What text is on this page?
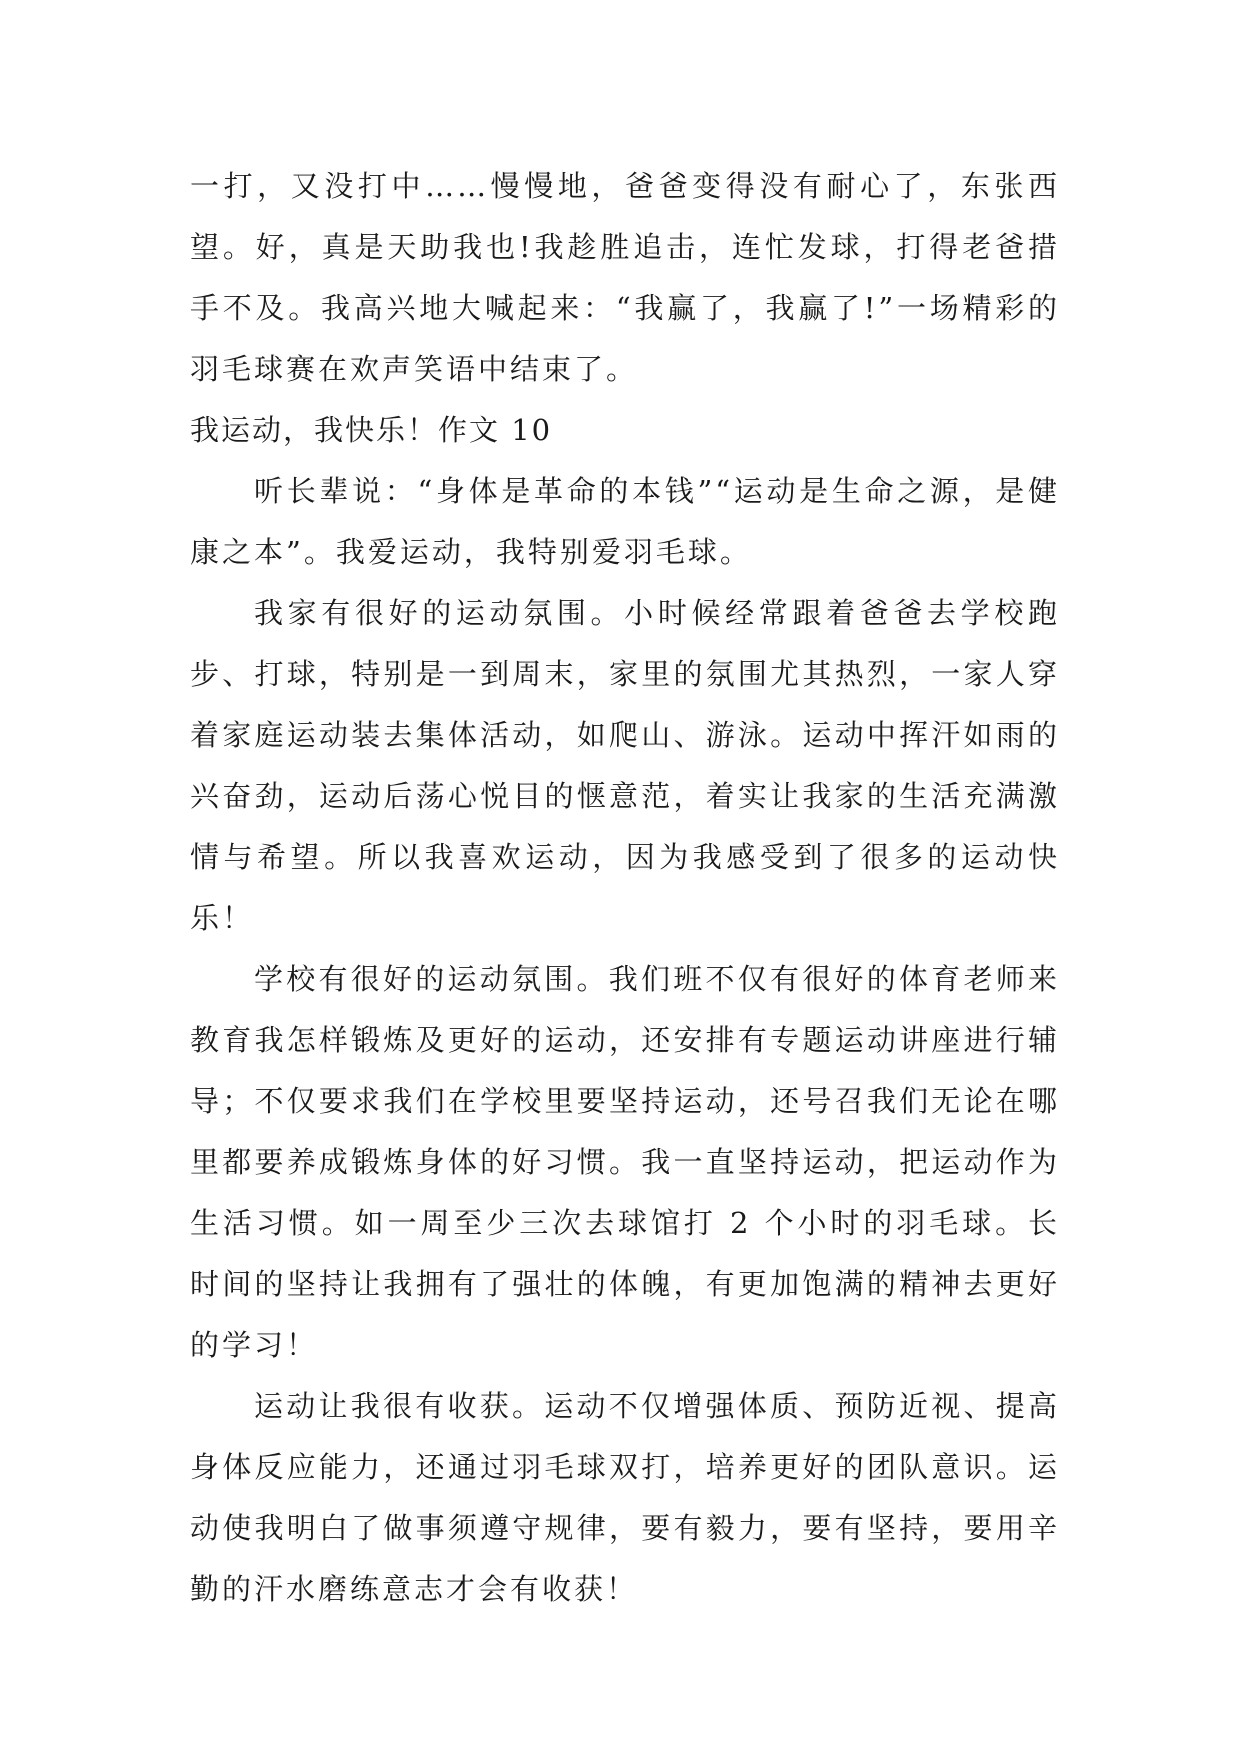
一打，又没打中……慢慢地，爸爸变得没有耐心了，东张西望。好，真是天助我也!我趁胜追击，连忙发球，打得老爸措手不及。我高兴地大喊起来：“我赢了，我赢了!”一场精彩的羽毛球赛在欢声笑语中结束了。

我运动，我快乐！作文 10

听长辈说：“身体是革命的本钱”“运动是生命之源，是健康之本”。我爱运动，我特别爱羽毛球。

我家有很好的运动氛围。小时候经常跟着爸爸去学校跑步、打球，特别是一到周末，家里的氛围尤其热烈，一家人穿着家庭运动装去集体活动，如爬山、游泳。运动中挥汗如雨的兴奋劲，运动后荡心悦目的惬意范，着实让我家的生活充满激情与希望。所以我喜欢运动，因为我感受到了很多的运动快乐！

学校有很好的运动氛围。我们班不仅有很好的体育老师来教育我怎样锻炼及更好的运动，还安排有专题运动讲座进行辅导；不仅要求我们在学校里要坚持运动，还号召我们无论在哪里都要养成锻炼身体的好习惯。我一直坚持运动，把运动作为生活习惯。如一周至少三次去球馆打 2 个小时的羽毛球。长时间的坚持让我拥有了强壮的体魄，有更加饱满的精神去更好的学习！

运动让我很有收获。运动不仅增强体质、预防近视、提高身体反应能力，还通过羽毛球双打，培养更好的团队意识。运动使我明白了做事须遵守规律，要有毅力，要有坚持，要用辛勤的汗水磨练意志才会有收获！
